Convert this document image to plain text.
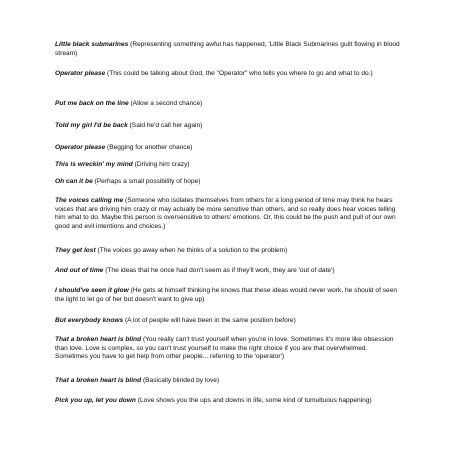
Little black submarines (Representing something awful has happened, 'Little Black Submarines guilt flowing in blood stream)

Operator please (This could be talking about God, the "Operator" who tells you where to go and what to do.)

Put me back on the line (Allow a second chance)

Told my girl I'd be back (Said he'd call her again)

Operator please (Begging for another chance)

This is wreckin' my mind (Driving him crazy)

Oh can it be (Perhaps a small possibility of hope)

The voices calling me (Someone who isolates themselves from others for a long period of time may think he hears voices that are driving him crazy or may actually be more sensitive than others, and so really does hear voices telling him what to do. Maybe this person is oversensitive to others' emotions. Or, this could be the push and pull of our own good and evil intentions and choices.)

They get lost (The voices go away when he thinks of a solution to the problem)

And out of time (The ideas that he once had don't seem as if they'll work, they are 'out of date')

I should've seen it glow (He gets at himself thinking he knows that these ideas would never work, he should of seen the light to let go of her but doesn't want to give up)

But everybody knows (A lot of people will have been in the same position before)

That a broken heart is blind (You really can't trust yourself when you're in love. Sometimes it's more like obsession than love. Love is complex, so you can't trust yourself to make the right choice if you are that overwhelmed. Sometimes you have to get help from other people... referring to the 'operator')

That a broken heart is blind (Basically blinded by love)

Pick you up, let you down (Love shows you the ups and downs in life, some kind of tumultuous happening)
